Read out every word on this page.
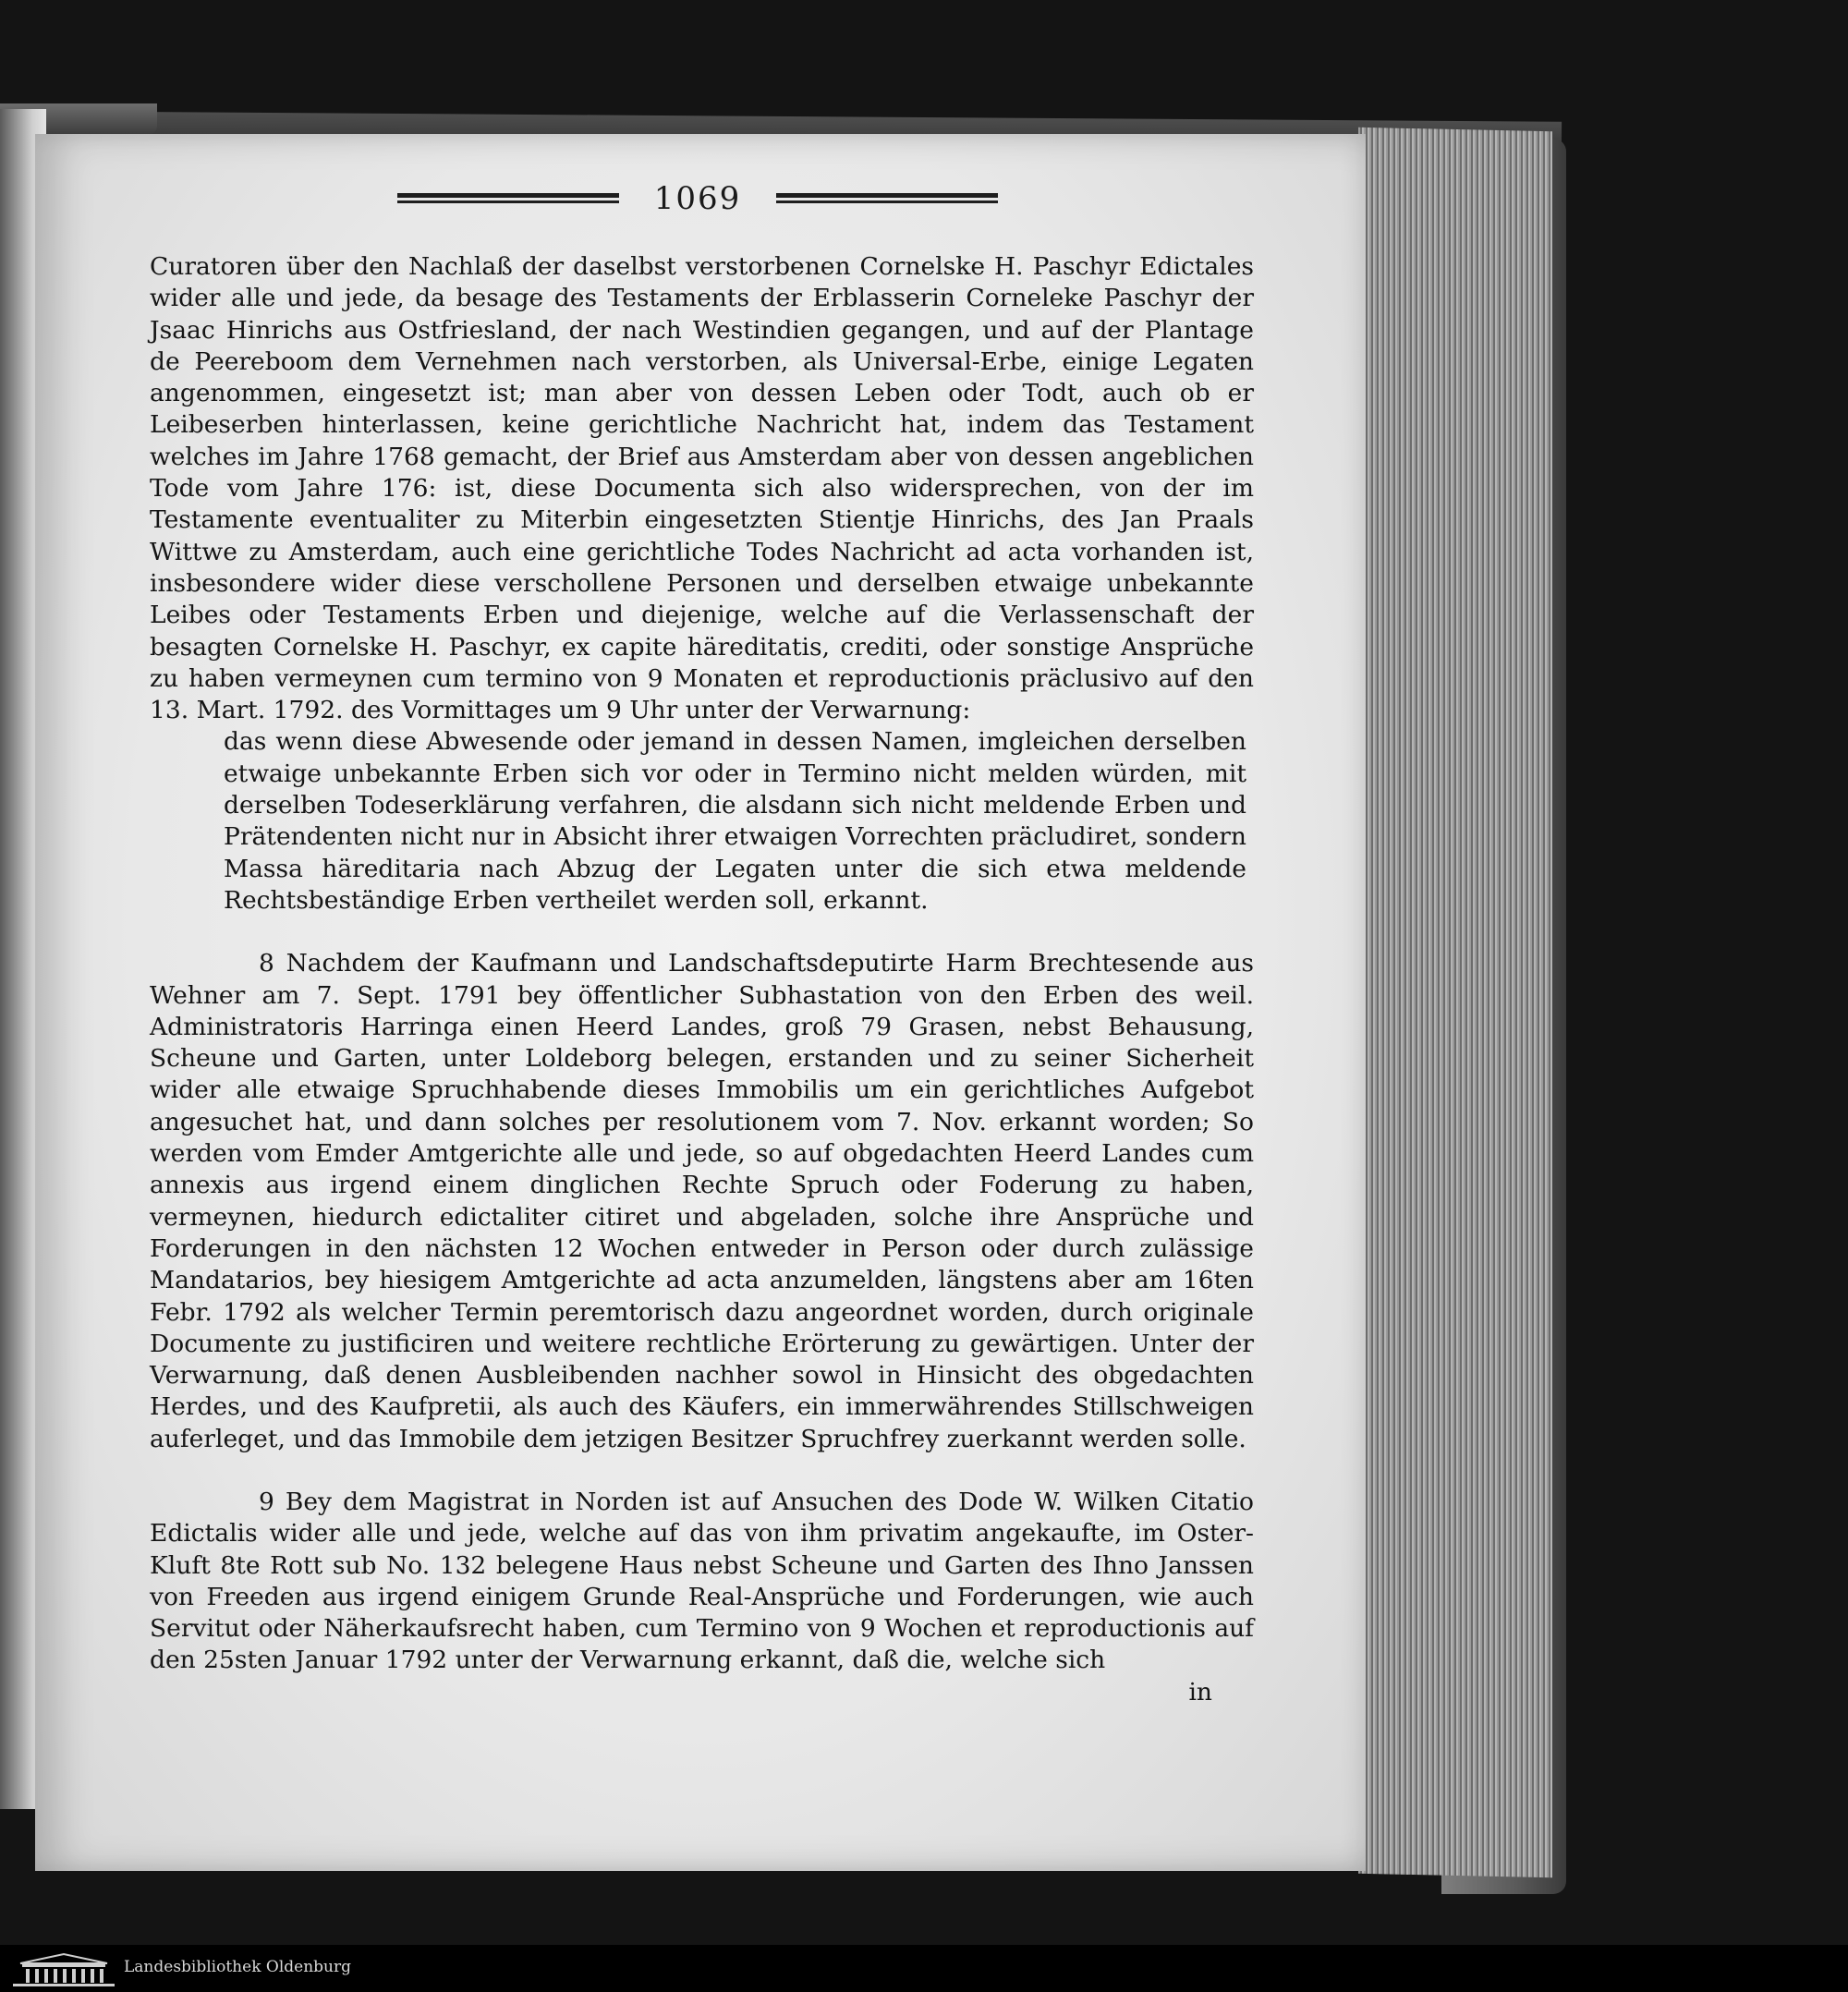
1069

Curatoren über den Nachlaß der daselbst verstorbenen Cornelske H. Paschyr Edictales wider alle und jede, da besage des Testaments der Erblasserin Corneleke Paschyr der Jsaac Hinrichs aus Ostfriesland, der nach Westindien gegangen, und auf der Plantage de Peereboom dem Vernehmen nach verstorben, als Universal-Erbe, einige Legaten angenommen, eingesetzt ist; man aber von dessen Leben oder Todt, auch ob er Leibeserben hinterlassen, keine gerichtliche Nachricht hat, indem das Testament welches im Jahre 1768 gemacht, der Brief aus Amsterdam aber von dessen angeblichen Tode vom Jahre 176: ist, diese Documenta sich also widersprechen, von der im Testamente eventualiter zu Miterbin eingesetzten Stientje Hinrichs, des Jan Praals Wittwe zu Amsterdam, auch eine gerichtliche Todes Nachricht ad acta vorhanden ist, insbesondere wider diese verschollene Personen und derselben etwaige unbekannte Leibes oder Testaments Erben und diejenige, welche auf die Verlassenschaft der besagten Cornelske H. Paschyr, ex capite häreditatis, crediti, oder sonstige Ansprüche zu haben vermeynen cum termino von 9 Monaten et reproductionis präclusivo auf den 13. Mart. 1792. des Vormittages um 9 Uhr unter der Verwarnung:

das wenn diese Abwesende oder jemand in dessen Namen, imgleichen derselben etwaige unbekannte Erben sich vor oder in Termino nicht melden würden, mit derselben Todeserklärung verfahren, die alsdann sich nicht meldende Erben und Prätendenten nicht nur in Absicht ihrer etwaigen Vorrechten präcludiret, sondern Massa häreditaria nach Abzug der Legaten unter die sich etwa meldende Rechtsbeständige Erben vertheilet werden soll, erkannt.

8 Nachdem der Kaufmann und Landschaftsdeputirte Harm Brechtesende aus Wehner am 7. Sept. 1791 bey öffentlicher Subhastation von den Erben des weil. Administratoris Harringa einen Heerd Landes, groß 79 Grasen, nebst Behausung, Scheune und Garten, unter Loldeborg belegen, erstanden und zu seiner Sicherheit wider alle etwaige Spruchhabende dieses Immobilis um ein gerichtliches Aufgebot angesuchet hat, und dann solches per resolutionem vom 7. Nov. erkannt worden; So werden vom Emder Amtgerichte alle und jede, so auf obgedachten Heerd Landes cum annexis aus irgend einem dinglichen Rechte Spruch oder Foderung zu haben, vermeynen, hiedurch edictaliter citiret und abgeladen, solche ihre Ansprüche und Forderungen in den nächsten 12 Wochen entweder in Person oder durch zulässige Mandatarios, bey hiesigem Amtgerichte ad acta anzumelden, längstens aber am 16ten Febr. 1792 als welcher Termin peremtorisch dazu angeordnet worden, durch originale Documente zu justificiren und weitere rechtliche Erörterung zu gewärtigen. Unter der Verwarnung, daß denen Ausbleibenden nachher sowol in Hinsicht des obgedachten Herdes, und des Kaufpretii, als auch des Käufers, ein immerwährendes Stillschweigen auferleget, und das Immobile dem jetzigen Besitzer Spruchfrey zuerkannt werden solle.

9 Bey dem Magistrat in Norden ist auf Ansuchen des Dode W. Wilken Citatio Edictalis wider alle und jede, welche auf das von ihm privatim angekaufte, im Oster-Kluft 8te Rott sub No. 132 belegene Haus nebst Scheune und Garten des Ihno Janssen von Freeden aus irgend einigem Grunde Real-Ansprüche und Forderungen, wie auch Servitut oder Näherkaufsrecht haben, cum Termino von 9 Wochen et reproductionis auf den 25sten Januar 1792 unter der Verwarnung erkannt, daß die, welche sich

in
Landesbibliothek Oldenburg
